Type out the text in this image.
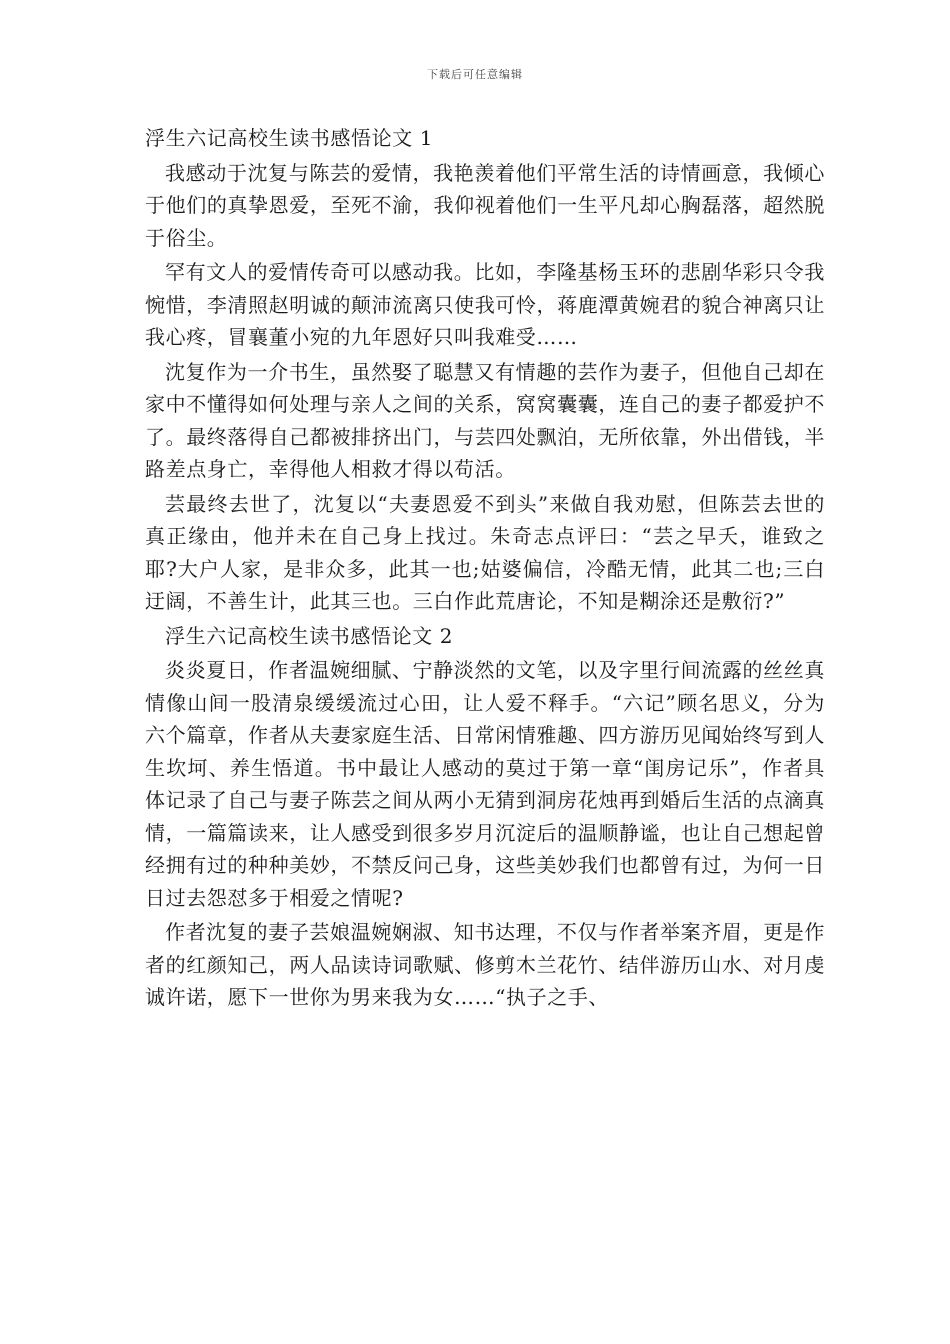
下载后可任意编辑
浮生六记高校生读书感悟论文 1

我感动于沈复与陈芸的爱情，我艳羡着他们平常生活的诗情画意，我倾心于他们的真挚恩爱，至死不渝，我仰视着他们一生平凡却心胸磊落，超然脱于俗尘。

罕有文人的爱情传奇可以感动我。比如，李隆基杨玉环的悲剧华彩只令我惋惜，李清照赵明诚的颠沛流离只使我可怜，蒋鹿潭黄婉君的貌合神离只让我心疼，冒襄董小宛的九年恩好只叫我难受……

沈复作为一介书生，虽然娶了聪慧又有情趣的芸作为妻子，但他自己却在家中不懂得如何处理与亲人之间的关系，窝窝囊囊，连自己的妻子都爱护不了。最终落得自己都被排挤出门，与芸四处飘泊，无所依靠，外出借钱，半路差点身亡，幸得他人相救才得以苟活。

芸最终去世了，沈复以“夫妻恩爱不到头”来做自我劝慰，但陈芸去世的真正缘由，他并未在自己身上找过。朱奇志点评曰：“芸之早夭，谁致之耶?大户人家，是非众多，此其一也;姑婆偏信，冷酷无情，此其二也;三白迂阔，不善生计，此其三也。三白作此荒唐论，不知是糊涂还是敷衍?”

浮生六记高校生读书感悟论文 2

炎炎夏日，作者温婉细腻、宁静淡然的文笔，以及字里行间流露的丝丝真情像山间一股清泉缓缓流过心田，让人爱不释手。“六记”顾名思义，分为六个篇章，作者从夫妻家庭生活、日常闲情雅趣、四方游历见闻始终写到人生坎坷、养生悟道。书中最让人感动的莫过于第一章“闺房记乐”，作者具体记录了自己与妻子陈芸之间从两小无猜到洞房花烛再到婚后生活的点滴真情，一篇篇读来，让人感受到很多岁月沉淀后的温顺静谧，也让自己想起曾经拥有过的种种美妙，不禁反问己身，这些美妙我们也都曾有过，为何一日日过去怨怼多于相爱之情呢?

作者沈复的妻子芸娘温婉娴淑、知书达理，不仅与作者举案齐眉，更是作者的红颜知己，两人品读诗词歌赋、修剪木兰花竹、结伴游历山水、对月虔诚许诺，愿下一世你为男来我为女……“执子之手、
